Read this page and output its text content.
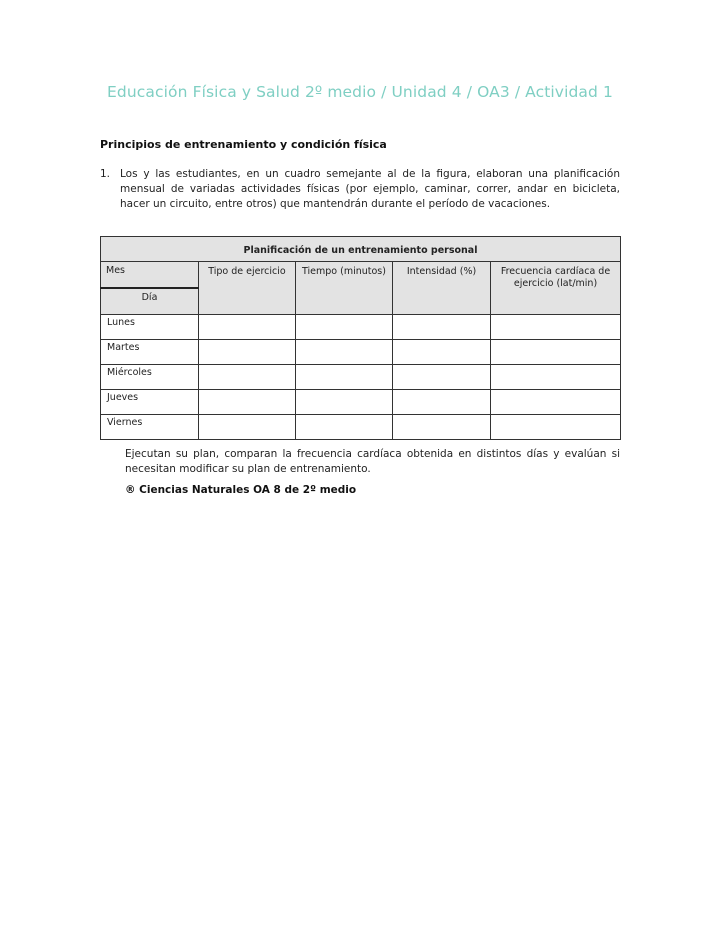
Educación Física y Salud 2º medio / Unidad 4 / OA3 / Actividad 1
Principios de entrenamiento y condición física
1. Los y las estudiantes, en un cuadro semejante al de la figura, elaboran una planificación mensual de variadas actividades físicas (por ejemplo, caminar, correr, andar en bicicleta, hacer un circuito, entre otros) que mantendrán durante el período de vacaciones.
Planificación de un entrenamiento personal				
Mes	Tipo de ejercicio	Tiempo (minutos)	Intensidad (%)	Frecuencia cardíaca de ejercicio (lat/min)
Día				
Lunes				
Martes				
Miércoles				
Jueves				
Viernes				
Ejecutan su plan, comparan la frecuencia cardíaca obtenida en distintos días y evalúan si necesitan modificar su plan de entrenamiento.
® Ciencias Naturales OA 8 de 2º medio
